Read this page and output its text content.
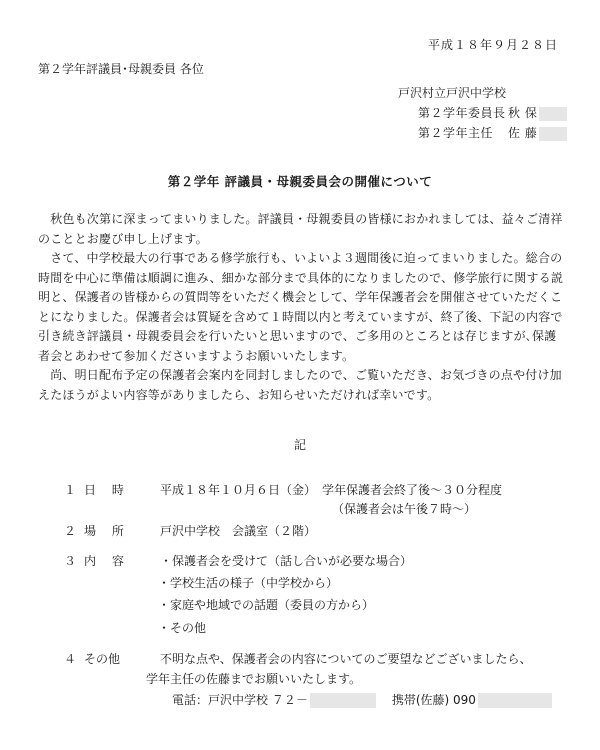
平成１８年９月２８日
第２学年評議員･母親委員 各位
戸沢村立戸沢中学校
第２学年委員長 秋 保
第２学年主任 佐 藤
第２学年 評議員・母親委員会の開催について

　秋色も次第に深まってまいりました。評議員・母親委員の皆様におかれましては、益々ご清祥のこととお慶び申し上げます。

　さて、中学校最大の行事である修学旅行も、いよいよ３週間後に迫ってまいりました。総合の時間を中心に準備は順調に進み、細かな部分まで具体的になりましたので、修学旅行に関する説明と、保護者の皆様からの質問等をいただく機会として、学年保護者会を開催させていただくことになりました。保護者会は質疑を含めて１時間以内と考えていますが、終了後、下記の内容で引き続き評議員・母親委員会を行いたいと思いますので、ご多用のところとは存じますが､保護者会とあわせて参加くださいますようお願いいたします。

　尚、明日配布予定の保護者会案内を同封しましたので、ご覧いただき、お気づきの点や付け加えたほうがよい内容等がありましたら、お知らせいただければ幸いです。

記
１ 日 時	平成１８年１０月６日（金）　学年保護者会終了後～３０分程度
（保護者会は午後７時～）
２ 場 所	戸沢中学校　会議室（２階）
３ 内 容	・保護者会を受けて（話し合いが必要な場合）
・学校生活の様子（中学校から）
・家庭や地域での話題（委員の方から）
・その他
４ その他	不明な点や、保護者会の内容についてのご要望などございましたら、
学年主任の佐藤までお願いいたします。
電話：戸沢中学校 ７２－	携帯(佐藤) 090
